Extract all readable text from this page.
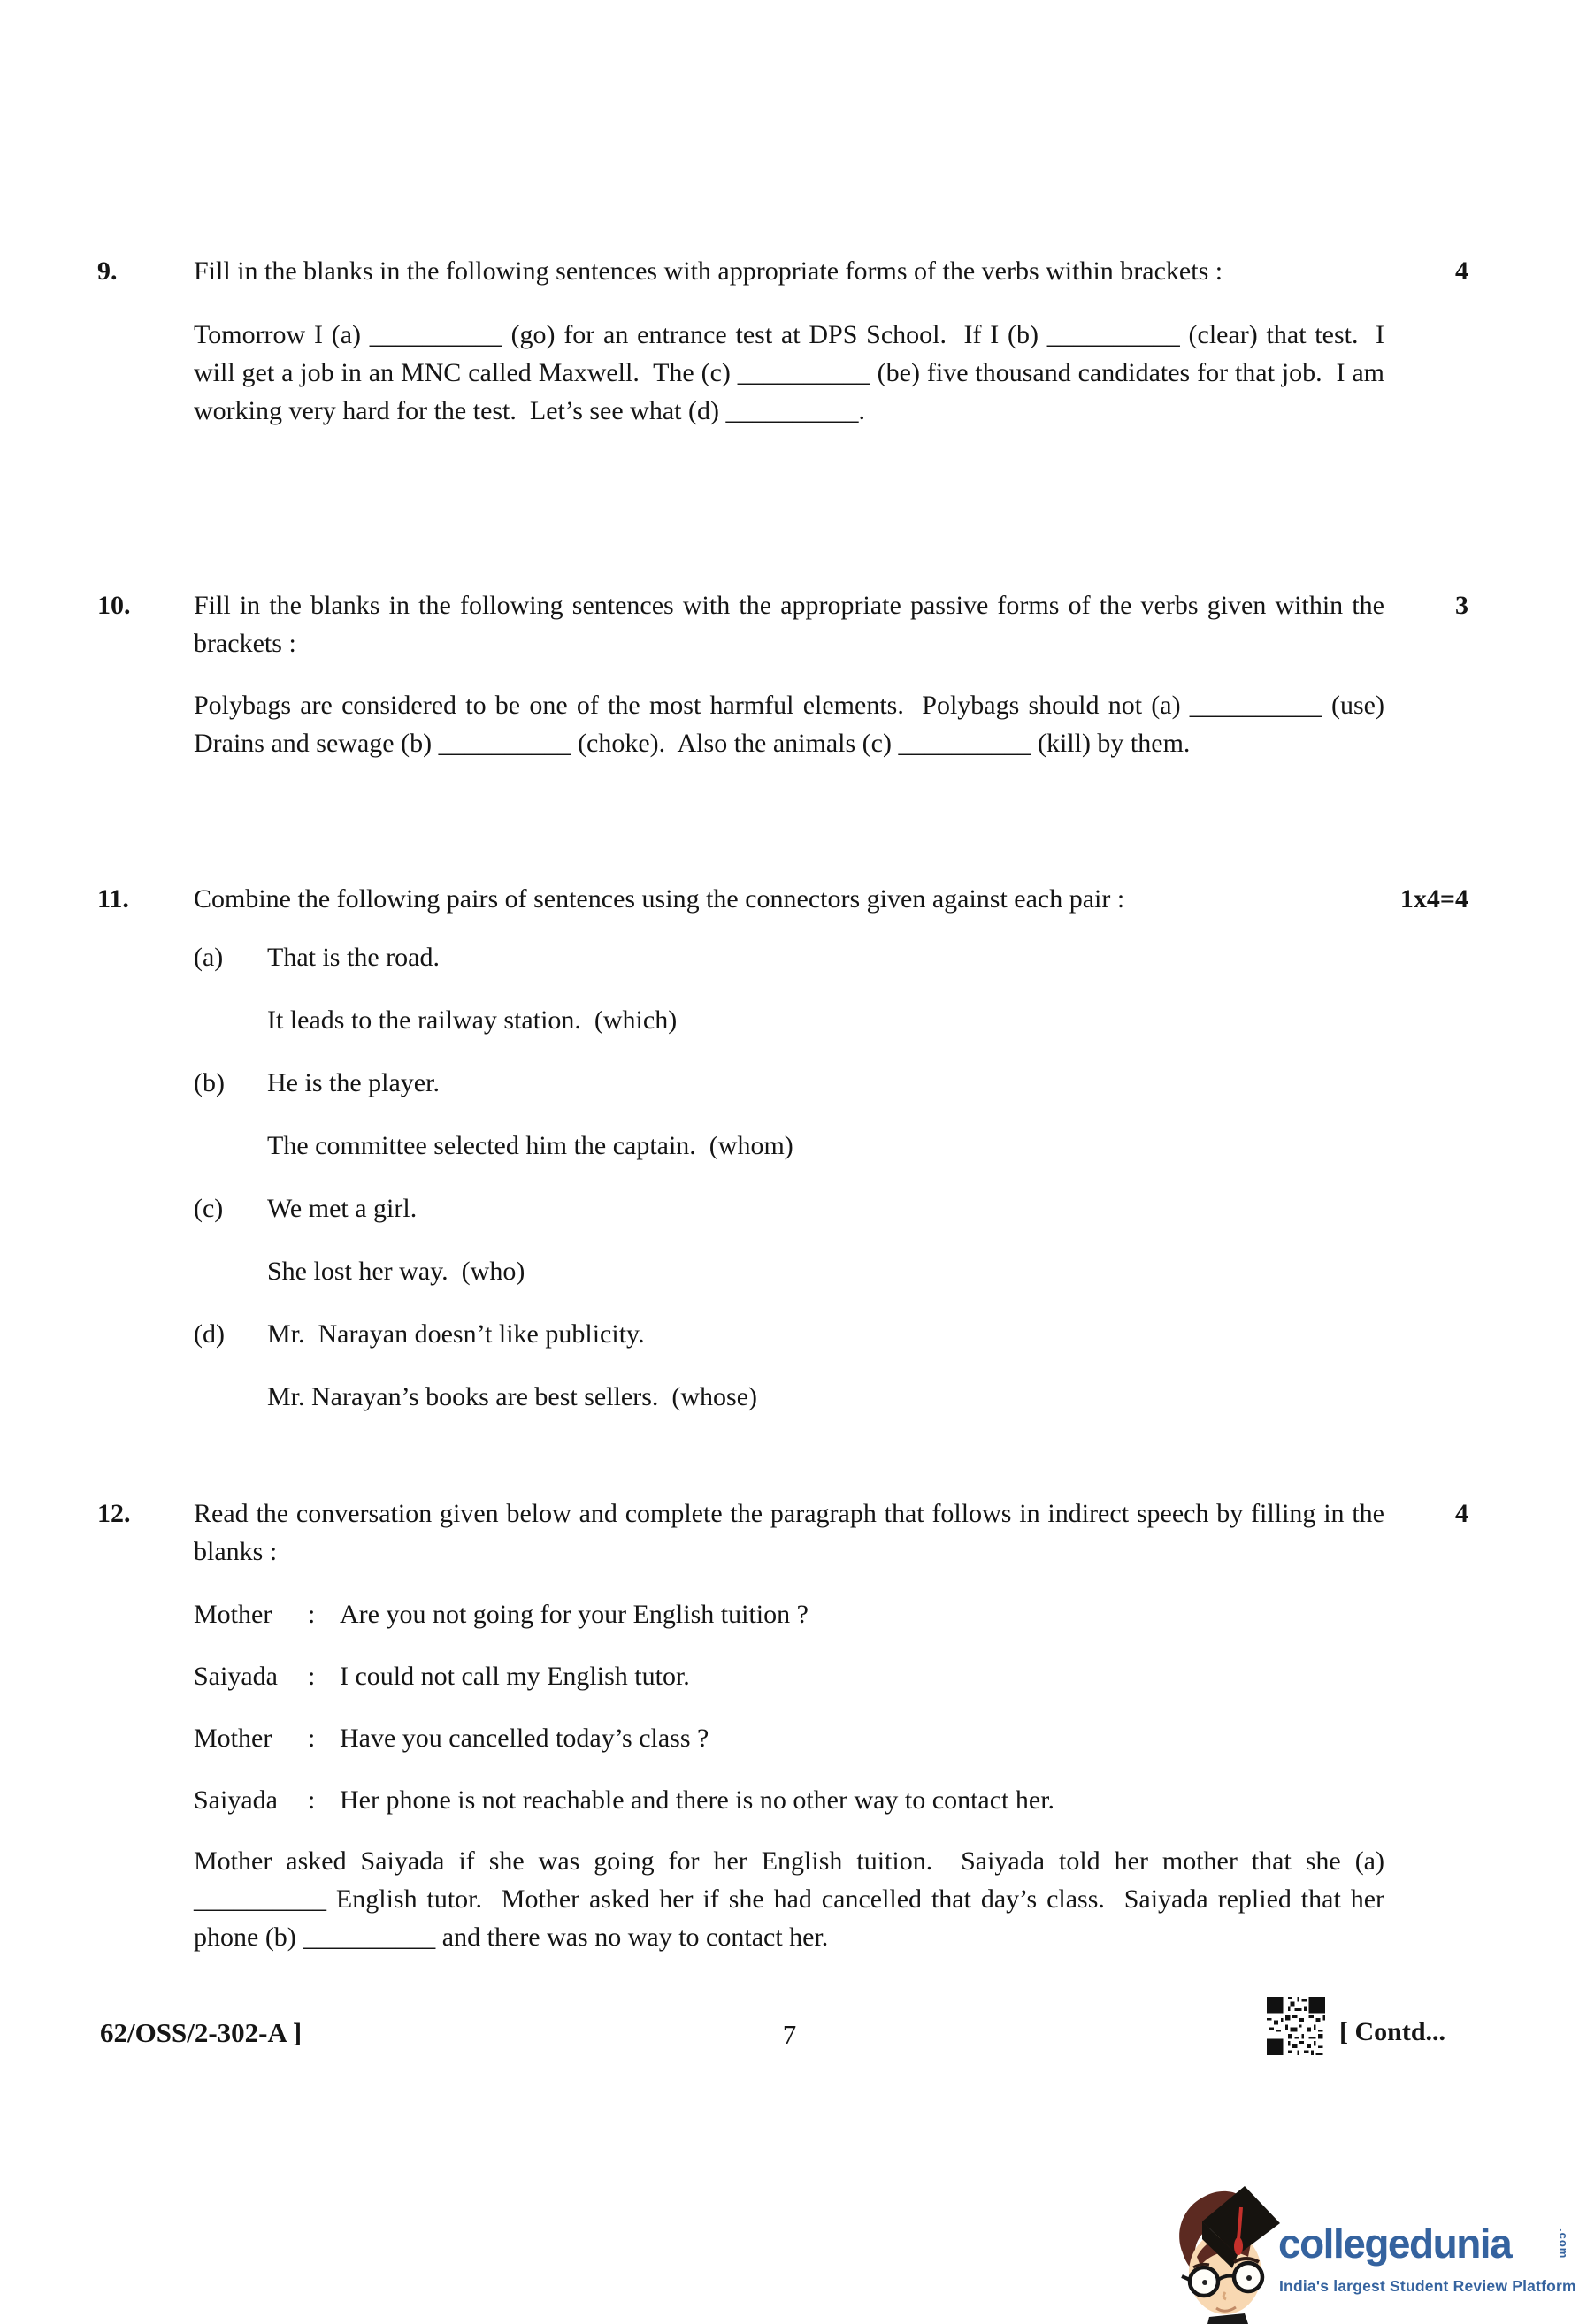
9.	Fill in the blanks in the following sentences with appropriate forms of the verbs within brackets :	4
Tomorrow I (a) __________ (go) for an entrance test at DPS School.  If I (b) __________ (clear) that test.  I will get a job in an MNC called Maxwell.  The (c) __________ (be) five thousand candidates for that job.  I am working very hard for the test.  Let’s see what (d) __________.
10.	Fill in the blanks in the following sentences with the appropriate passive forms of the verbs given within the brackets :
3
Polybags are considered to be one of the most harmful elements.  Polybags should not (a) __________ (use) Drains and sewage (b) __________ (choke).  Also the animals (c) __________ (kill) by them.
11.	Combine the following pairs of sentences using the connectors given against each pair :	1x4=4
(a)	That is the road.
It leads to the railway station.  (which)
(b)	He is the player.
The committee selected him the captain.  (whom)
(c)	We met a girl.
She lost her way.  (who)
(d)	Mr.  Narayan doesn’t like publicity.
Mr. Narayan’s books are best sellers.  (whose)
12.	Read the conversation given below and complete the paragraph that follows in indirect speech by filling in the blanks :
4
Mother	: Are you not going for your English tuition ?
Saiyada	: I could not call my English tutor.
Mother	: Have you cancelled today’s class ?
Saiyada	: Her phone is not reachable and there is no other way to contact her.
Mother asked Saiyada if she was going for her English tuition.  Saiyada told her mother that she (a) __________ English tutor.  Mother asked her if she had cancelled that day’s class.  Saiyada replied that her phone (b) __________ and there was no way to contact her.
62/OSS/2-302-A ]	7	[ Contd...
collegedunia	.com
India's largest Student Review Platform
